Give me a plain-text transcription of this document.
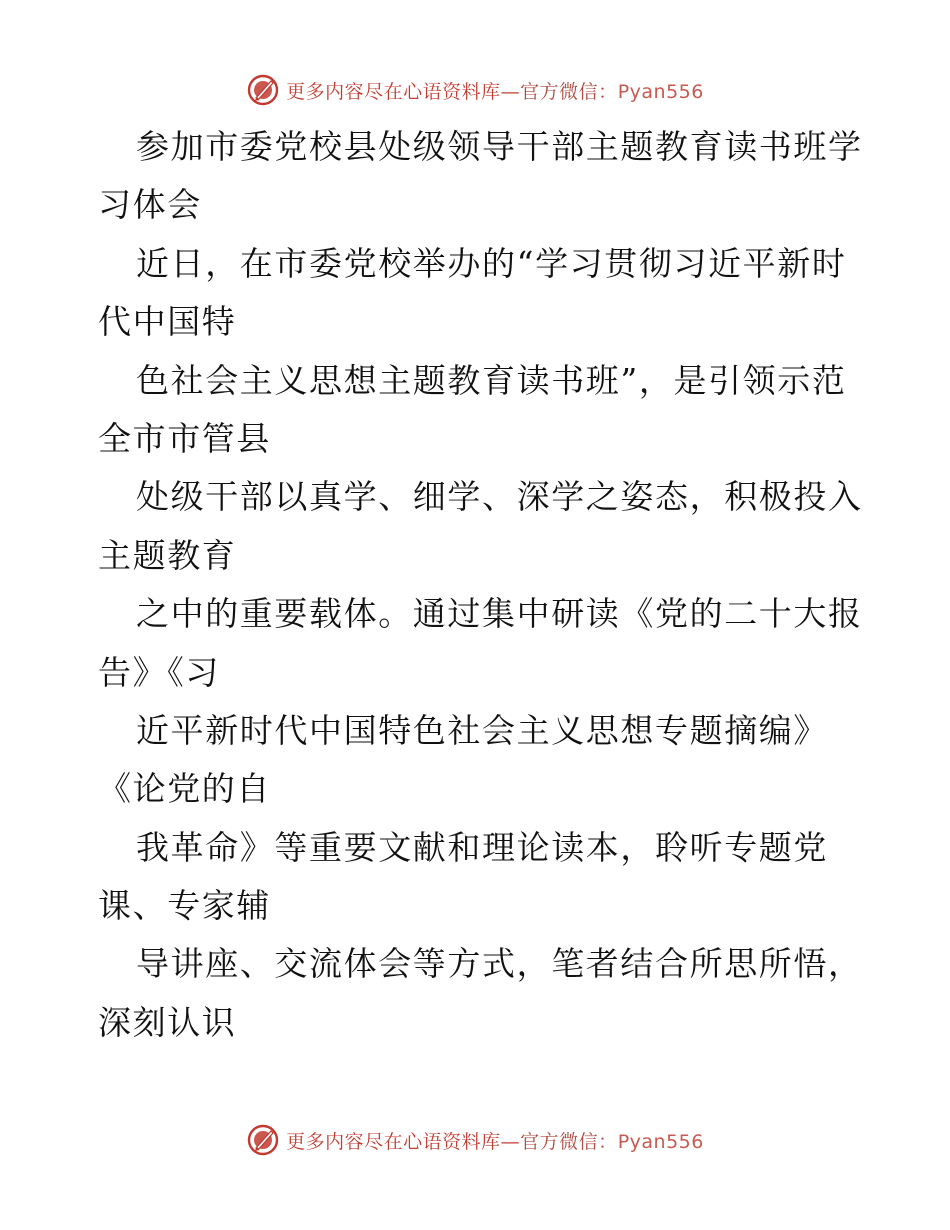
更多内容尽在心语资料库—官方微信：Pyan556
参加市委党校县处级领导干部主题教育读书班学
习体会
近日，在市委党校举办的“学习贯彻习近平新时
代中国特
色社会主义思想主题教育读书班”，是引领示范
全市市管县
处级干部以真学、细学、深学之姿态，积极投入
主题教育
之中的重要载体。通过集中研读《党的二十大报
告》《习
近平新时代中国特色社会主义思想专题摘编》
《论党的自
我革命》等重要文献和理论读本，聆听专题党
课、专家辅
导讲座、交流体会等方式，笔者结合所思所悟，
深刻认识
更多内容尽在心语资料库—官方微信：Pyan556
